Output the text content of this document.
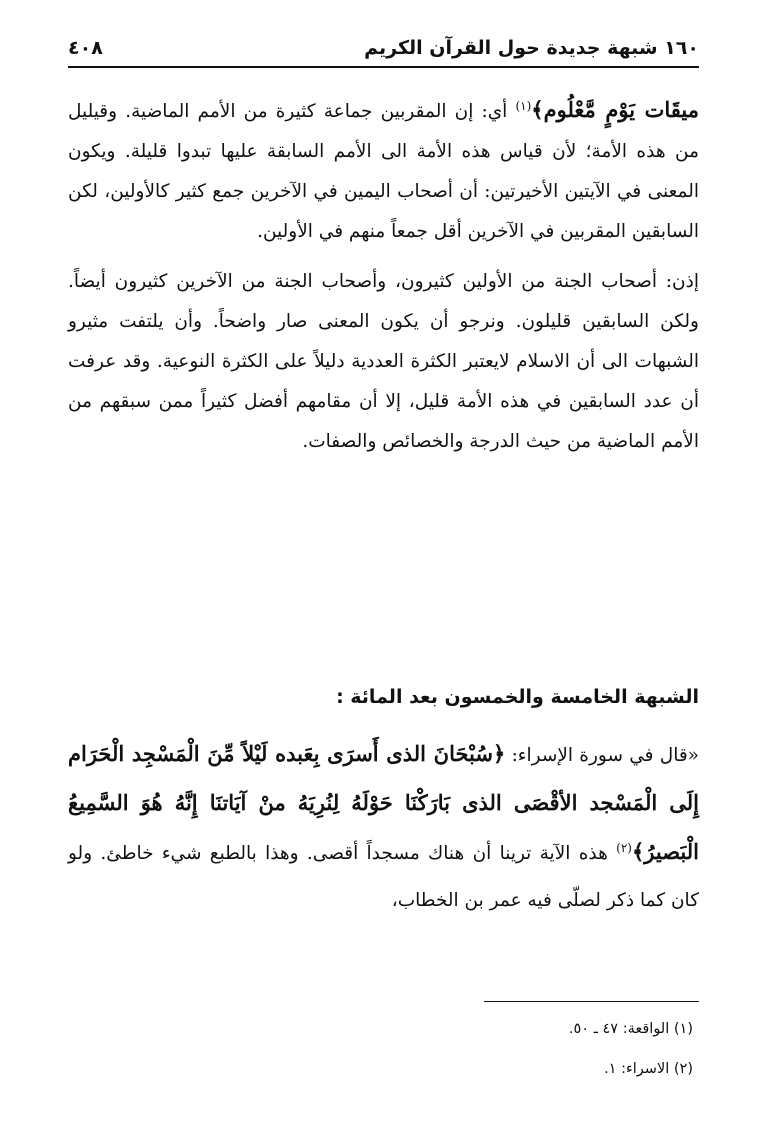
١٦٠ شبهة جديدة حول القرآن الكريم
٤٠٨

ميقَات يَوْمٍ مَّعْلُوم﴾$^{(١)}$ أي: إن المقربين جماعة كثيرة من الأمم الماضية. وقيليل من هذه الأمة؛ لأن قياس هذه الأمة الى الأمم السابقة عليها تبدوا قليلة. ويكون المعنى في الآيتين الأخيرتين: أن أصحاب اليمين في الآخرين جمع كثير كالأولين، لكن السابقين المقربين في الآخرين أقل جمعاً منهم في الأولين.

إذن: أصحاب الجنة من الأولين كثيرون، وأصحاب الجنة من الآخرين كثيرون أيضاً. ولكن السابقين قليلون. ونرجو أن يكون المعنى صار واضحاً. وأن يلتفت مثيرو الشبهات الى أن الاسلام لايعتبر الكثرة العددية دليلاً على الكثرة النوعية. وقد عرفت أن عدد السابقين في هذه الأمة قليل، إلا أن مقامهم أفضل كثيراً ممن سبقهم من الأمم الماضية من حيث الدرجة والخصائص والصفات.

الشبهة الخامسة والخمسون بعد المائة :

«قال في سورة الإسراء: ﴿سُبْحَانَ الذى أَسرَى بِعَبده لَيْلاً مِّنَ الْمَسْجِد الْحَرَام إِلَى الْمَسْجد الأقْصَى الذى بَارَكْنَا حَوْلَهُ لِنُرِيَهُ منْ آيَاتنَا إِنَّهُ هُوَ السَّمِيعُ الْبَصيرُ﴾$^{(٢)}$ هذه الآية ترينا أن هناك مسجداً أقصى. وهذا بالطبع شيء خاطئ. ولو كان كما ذكر لصلّى فيه عمر بن الخطاب،

(١) الواقعة: ٤٧ ـ ٥٠.

(٢) الاسراء: ١.
